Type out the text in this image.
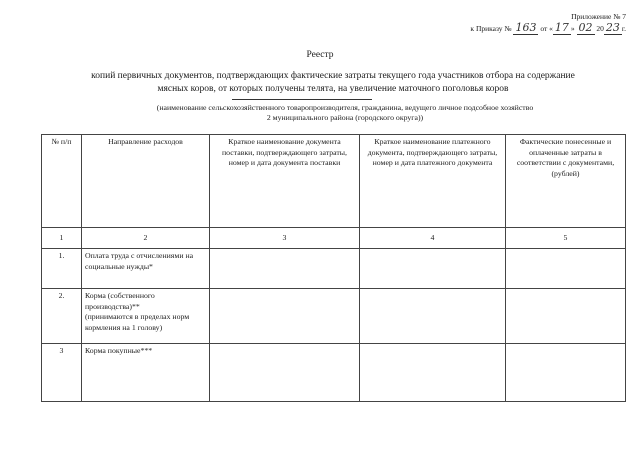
Приложение № 7
к Приказу № 163 от « 17 » 02 20 23 г.
Реестр
копий первичных документов, подтверждающих фактические затраты текущего года участников отбора на содержание
мясных коров, от которых получены телята, на увеличение маточного поголовья коров
(наименование сельскохозяйственного товаропроизводителя, гражданина, ведущего личное подсобное хозяйство
2 муниципального района (городского округа))
№ п/п	Направление расходов	Краткое наименование документа поставки, подтверждающего затраты, номер и дата документа поставки	Краткое наименование платежного документа, подтверждающего затраты, номер и дата платежного документа	Фактические понесенные и оплаченные затраты в соответствии с документами, (рублей)
1	2	3	4	5
1.	Оплата труда с отчислениями на социальные нужды*			
2.	Корма (собственного производства)**
(принимаются в пределах норм кормления на 1 голову)			

3	Корма покупные***			
